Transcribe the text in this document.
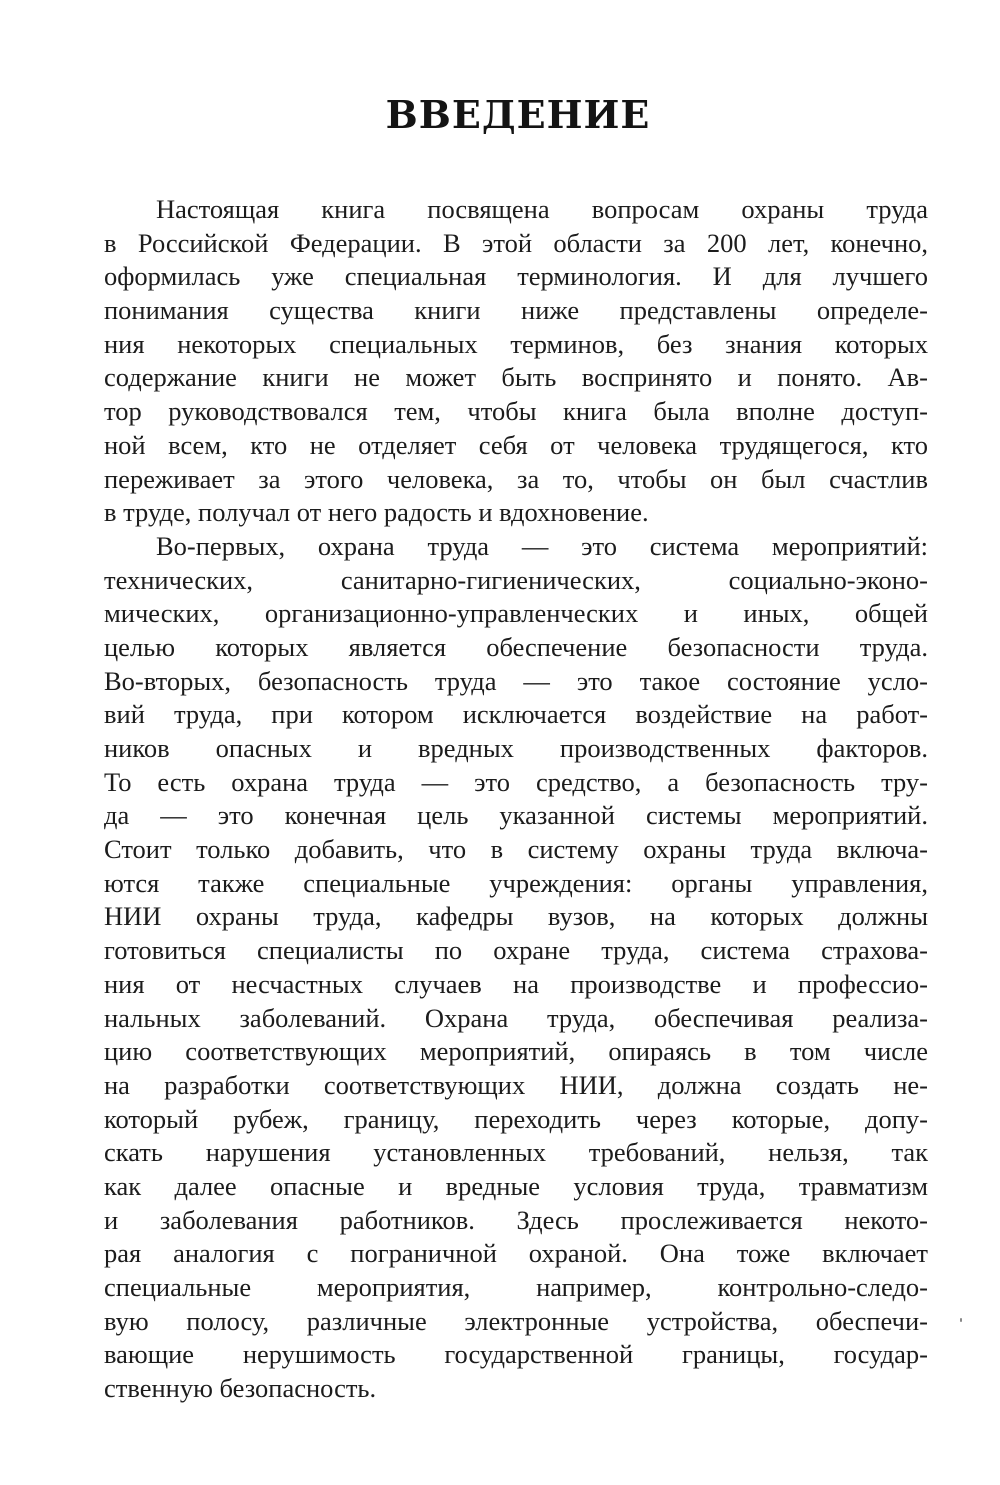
ВВЕДЕНИЕ
Настоящая книга посвящена вопросам охраны труда
в Российской Федерации. В этой области за 200 лет, конечно,
оформилась уже специальная терминология. И для лучшего
понимания существа книги ниже представлены определе-
ния некоторых специальных терминов, без знания которых
содержание книги не может быть воспринято и понято. Ав-
тор руководствовался тем, чтобы книга была вполне доступ-
ной всем, кто не отделяет себя от человека трудящегося, кто
переживает за этого человека, за то, чтобы он был счастлив
в труде, получал от него радость и вдохновение.
Во-первых, охрана труда — это система мероприятий:
технических, санитарно-гигиенических, социально-эконо-
мических, организационно-управленческих и иных, общей
целью которых является обеспечение безопасности труда.
Во-вторых, безопасность труда — это такое состояние усло-
вий труда, при котором исключается воздействие на работ-
ников опасных и вредных производственных факторов.
То есть охрана труда — это средство, а безопасность тру-
да — это конечная цель указанной системы мероприятий.
Стоит только добавить, что в систему охраны труда включа-
ются также специальные учреждения: органы управления,
НИИ охраны труда, кафедры вузов, на которых должны
готовиться специалисты по охране труда, система страхова-
ния от несчастных случаев на производстве и профессио-
нальных заболеваний. Охрана труда, обеспечивая реализа-
цию соответствующих мероприятий, опираясь в том числе
на разработки соответствующих НИИ, должна создать не-
который рубеж, границу, переходить через которые, допу-
скать нарушения установленных требований, нельзя, так
как далее опасные и вредные условия труда, травматизм
и заболевания работников. Здесь прослеживается некото-
рая аналогия с пограничной охраной. Она тоже включает
специальные мероприятия, например, контрольно-следо-
вую полосу, различные электронные устройства, обеспечи-
вающие нерушимость государственной границы, государ-
ственную безопасность.
